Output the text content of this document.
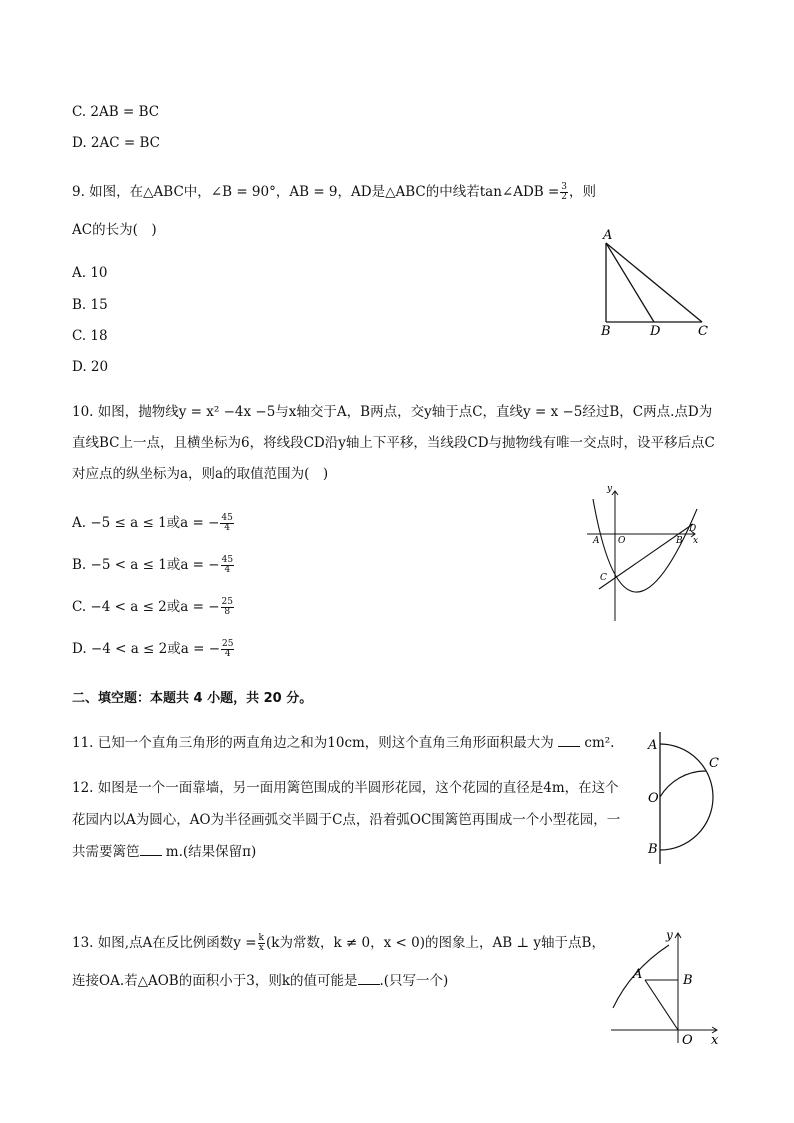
C. 2AB = BC
D. 2AC = BC
9. 如图，在△ABC中，∠B = 90°，AB = 9，AD是△ABC的中线若tan∠ADB = $\frac{3}{2}$ ，则
AC的长为(　)
A. 10
B. 15
C. 18
D. 20
A
B	D	C
10. 如图，抛物线y = x² −4x −5与x轴交于A，B两点，交y轴于点C，直线y = x −5经过B，C两点.点D为
直线BC上一点，且横坐标为6，将线段CD沿y轴上下平移，当线段CD与抛物线有唯一交点时，设平移后点C
对应点的纵坐标为a，则a的取值范围为(　)
A. −5 ≤ a ≤ 1或a = − $\frac{45}{4}$
B. −5 < a ≤ 1或a = − $\frac{45}{4}$
C. −4 < a ≤ 2或a = − $\frac{25}{8}$
D. −4 < a ≤ 2或a = − $\frac{25}{4}$
y
x
A O	B
C
D
二、填空题：本题共 4 小题，共 20 分。
11. 已知一个直角三角形的两直角边之和为10cm，则这个直角三角形面积最大为 cm².
12. 如图是一个一面靠墙，另一面用篱笆围成的半圆形花园，这个花园的直径是4m，在这个
花园内以A为圆心，AO为半径画弧交半圆于C点，沿着弧OC围篱笆再围成一个小型花园，一
共需要篱笆 m.(结果保留π)
A
O
B
C
13. 如图,点A在反比例函数$y = \frac{k}{x} (k$为常数，k ≠ 0，x < 0)的图象上，AB ⊥ y轴于点B，
连接OA.若△AOB的面积小于3，则k的值可能是 .(只写一个)
y
A	B
O x
